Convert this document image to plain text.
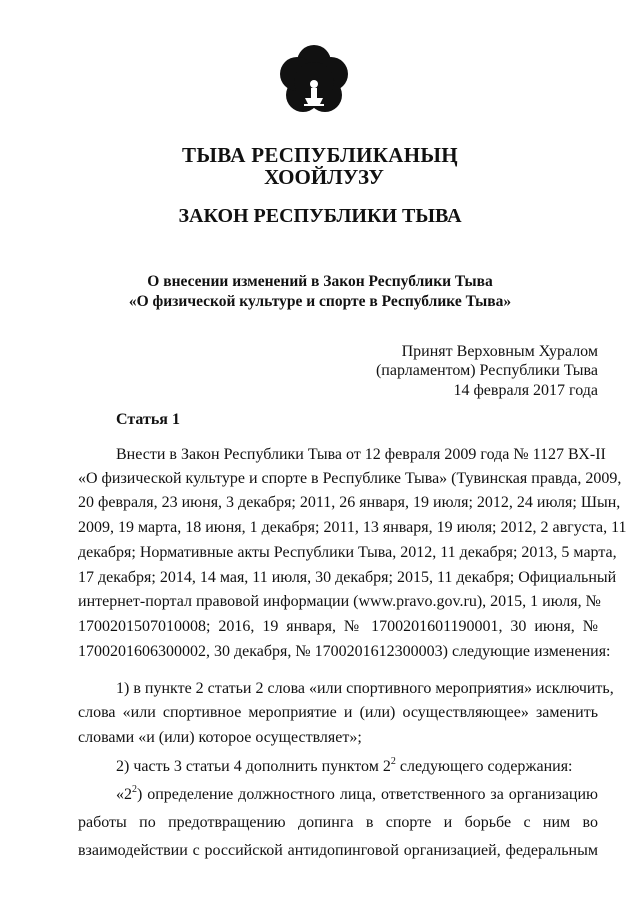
ТЫВА РЕСПУБЛИКАНЫҢ
ХООЙЛУЗУ
ЗАКОН РЕСПУБЛИКИ ТЫВА
О внесении изменений в Закон Республики Тыва
«О физической культуре и спорте в Республике Тыва»
Принят Верховным Хуралом
(парламентом) Республики Тыва
14 февраля 2017 года
Статья 1
Внести в Закон Республики Тыва от 12 февраля 2009 года № 1127 ВХ-II
«О физической культуре и спорте в Республике Тыва» (Тувинская правда, 2009,
20 февраля, 23 июня, 3 декабря; 2011, 26 января, 19 июля; 2012, 24 июля; Шын,
2009, 19 марта, 18 июня, 1 декабря; 2011, 13 января, 19 июля; 2012, 2 августа, 11
декабря; Нормативные акты Республики Тыва, 2012, 11 декабря; 2013, 5 марта,
17 декабря; 2014, 14 мая, 11 июля, 30 декабря; 2015, 11 декабря; Официальный
интернет-портал правовой информации (www.pravo.gov.ru), 2015, 1 июля, №
1700201507010008; 2016, 19 января, № 1700201601190001, 30 июня, №
1700201606300002, 30 декабря, № 1700201612300003) следующие изменения:
1) в пункте 2 статьи 2 слова «или спортивного мероприятия» исключить,
слова «или спортивное мероприятие и (или) осуществляющее» заменить
словами «и (или) которое осуществляет»;
2) часть 3 статьи 4 дополнить пунктом $2^2$ следующего содержания:
«$2^2$) определение должностного лица, ответственного за организацию
работы по предотвращению допинга в спорте и борьбе с ним во
взаимодействии с российской антидопинговой организацией, федеральным
